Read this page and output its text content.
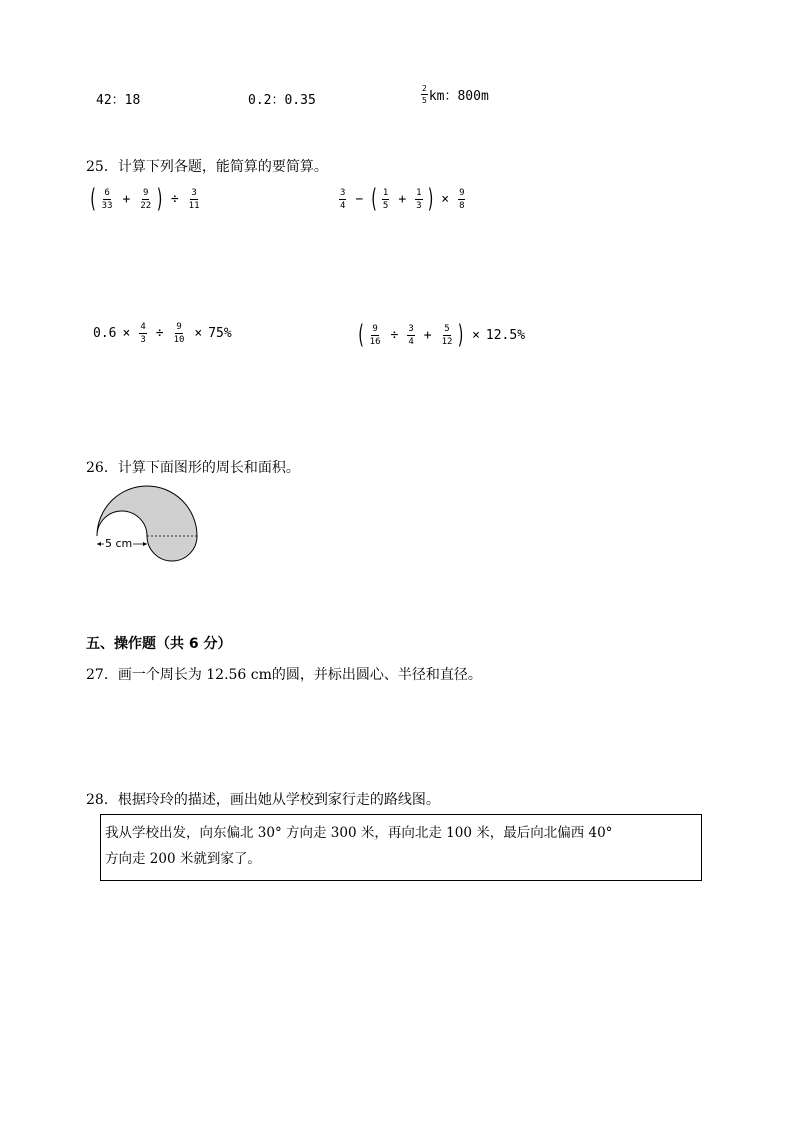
42：18	0.2：0.35	$\frac{2}{5}$ km：800m
25．计算下列各题，能简算的要简算。
( $\frac{6}{33} + \frac{9}{22}$ ) ÷ $\frac{3}{11}$	$\frac{3}{4}$ − ( $\frac{1}{5} + \frac{1}{3}$ ) × $\frac{9}{8}$
$0.6 \times \frac{4}{3} \div \frac{9}{10} \times 75\%$	( $\frac{9}{16} \div \frac{3}{4} + \frac{5}{12}$ ) × 12.5%
26．计算下面图形的周长和面积。
5 cm
五、操作题（共 6 分）
27．画一个周长为 12.56 cm的圆，并标出圆心、半径和直径。
28．根据玲玲的描述，画出她从学校到家行走的路线图。
我从学校出发，向东偏北 30° 方向走 300 米，再向北走 100 米，最后向北偏西 40°
方向走 200 米就到家了。
